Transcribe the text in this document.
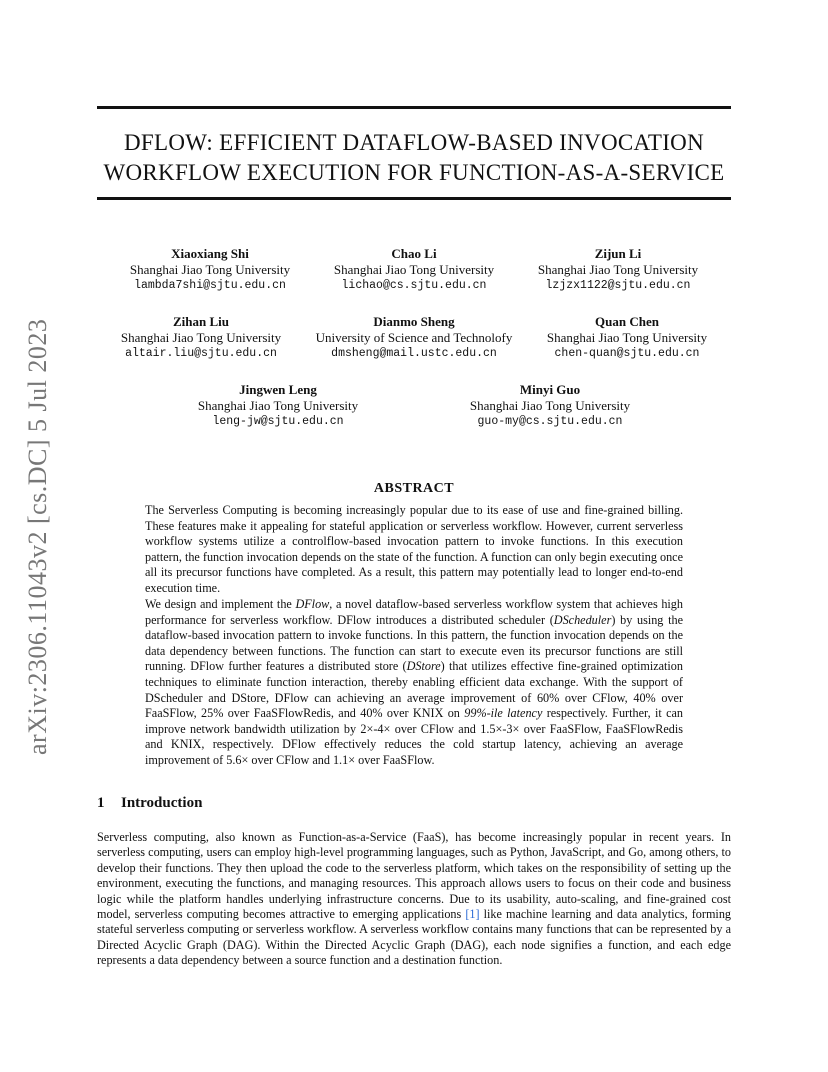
arXiv:2306.11043v2 [cs.DC] 5 Jul 2023
DFLOW: EFFICIENT DATAFLOW-BASED INVOCATION
WORKFLOW EXECUTION FOR FUNCTION-AS-A-SERVICE
Xiaoxiang Shi
Shanghai Jiao Tong University
lambda7shi@sjtu.edu.cn
Chao Li
Shanghai Jiao Tong University
lichao@cs.sjtu.edu.cn
Zijun Li
Shanghai Jiao Tong University
lzjzx1122@sjtu.edu.cn
Zihan Liu
Shanghai Jiao Tong University
altair.liu@sjtu.edu.cn
Dianmo Sheng
University of Science and Technolofy
dmsheng@mail.ustc.edu.cn
Quan Chen
Shanghai Jiao Tong University
chen-quan@sjtu.edu.cn
Jingwen Leng
Shanghai Jiao Tong University
leng-jw@sjtu.edu.cn
Minyi Guo
Shanghai Jiao Tong University
guo-my@cs.sjtu.edu.cn
ABSTRACT
The Serverless Computing is becoming increasingly popular due to its ease of use and fine-grained billing. These features make it appealing for stateful application or serverless workflow. However, current serverless workflow systems utilize a controlflow-based invocation pattern to invoke functions. In this execution pattern, the function invocation depends on the state of the function. A function can only begin executing once all its precursor functions have completed. As a result, this pattern may potentially lead to longer end-to-end execution time.
We design and implement the DFlow, a novel dataflow-based serverless workflow system that achieves high performance for serverless workflow. DFlow introduces a distributed scheduler (DScheduler) by using the dataflow-based invocation pattern to invoke functions. In this pattern, the function invocation depends on the data dependency between functions. The function can start to execute even its precursor functions are still running. DFlow further features a distributed store (DStore) that utilizes effective fine-grained optimization techniques to eliminate function interaction, thereby enabling efficient data exchange. With the support of DScheduler and DStore, DFlow can achieving an average improvement of 60% over CFlow, 40% over FaaSFlow, 25% over FaaSFlowRedis, and 40% over KNIX on 99%-ile latency respectively. Further, it can improve network bandwidth utilization by 2×-4× over CFlow and 1.5×-3× over FaaSFlow, FaaSFlowRedis and KNIX, respectively. DFlow effectively reduces the cold startup latency, achieving an average improvement of 5.6× over CFlow and 1.1× over FaaSFlow.
1 Introduction
Serverless computing, also known as Function-as-a-Service (FaaS), has become increasingly popular in recent years. In serverless computing, users can employ high-level programming languages, such as Python, JavaScript, and Go, among others, to develop their functions. They then upload the code to the serverless platform, which takes on the responsibility of setting up the environment, executing the functions, and managing resources. This approach allows users to focus on their code and business logic while the platform handles underlying infrastructure concerns. Due to its usability, auto-scaling, and fine-grained cost model, serverless computing becomes attractive to emerging applications [1] like machine learning and data analytics, forming stateful serverless computing or serverless workflow. A serverless workflow contains many functions that can be represented by a Directed Acyclic Graph (DAG). Within the Directed Acyclic Graph (DAG), each node signifies a function, and each edge represents a data dependency between a source function and a destination function.
